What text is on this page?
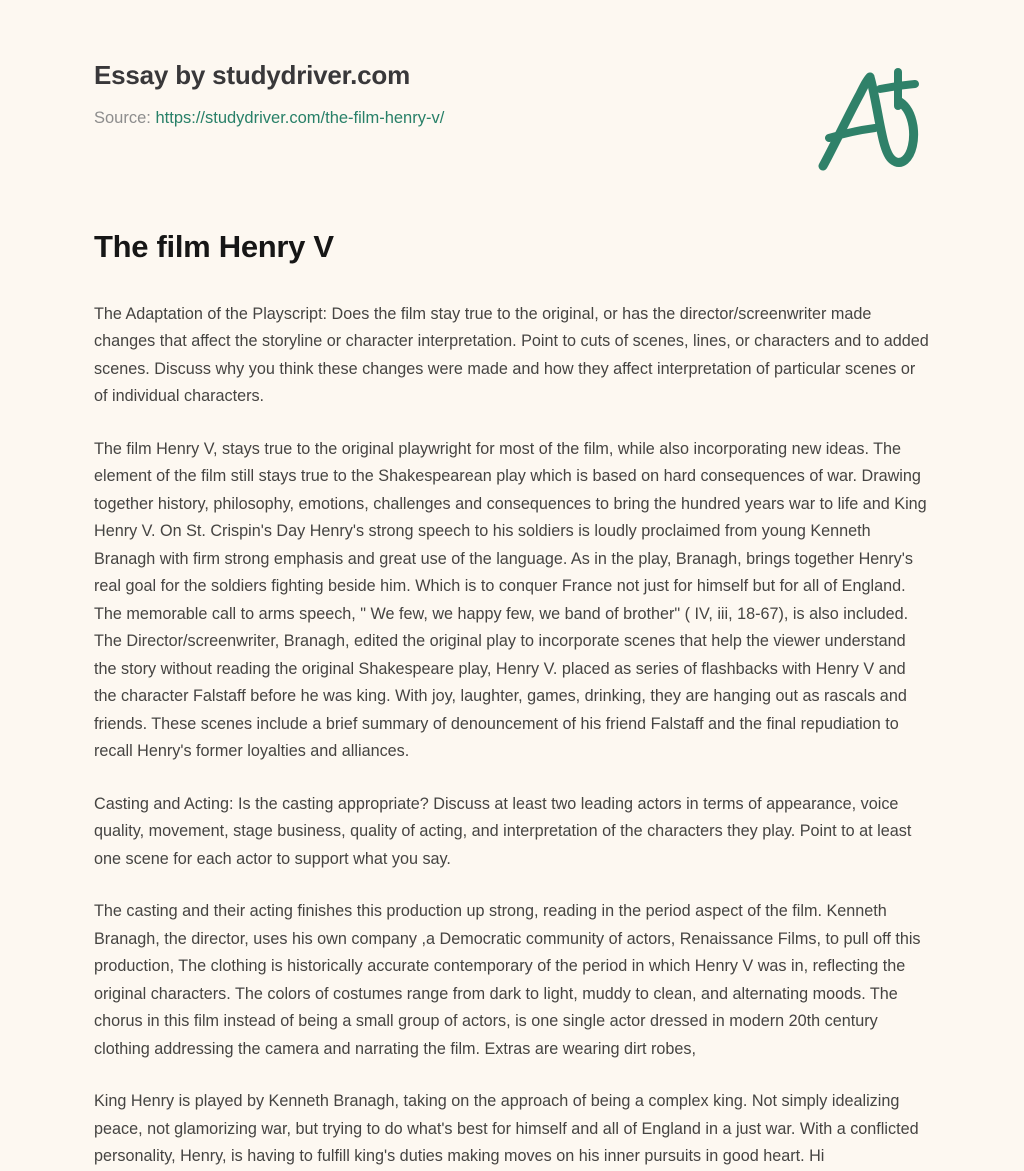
Essay by studydriver.com

Source: https://studydriver.com/the-film-henry-v/

The film Henry V

The Adaptation of the Playscript: Does the film stay true to the original, or has the director/screenwriter made changes that affect the storyline or character interpretation. Point to cuts of scenes, lines, or characters and to added scenes. Discuss why you think these changes were made and how they affect interpretation of particular scenes or of individual characters.

The film Henry V, stays true to the original playwright for most of the film, while also incorporating new ideas. The element of the film still stays true to the Shakespearean play which is based on hard consequences of war. Drawing together history, philosophy, emotions, challenges and consequences to bring the hundred years war to life and King Henry V. On St. Crispin's Day Henry's strong speech to his soldiers is loudly proclaimed from young Kenneth Branagh with firm strong emphasis and great use of the language. As in the play, Branagh, brings together Henry's real goal for the soldiers fighting beside him. Which is to conquer France not just for himself but for all of England. The memorable call to arms speech, " We few, we happy few, we band of brother" ( IV, iii, 18-67), is also included. The Director/screenwriter, Branagh, edited the original play to incorporate scenes that help the viewer understand the story without reading the original Shakespeare play, Henry V. placed as series of flashbacks with Henry V and the character Falstaff before he was king. With joy, laughter, games, drinking, they are hanging out as rascals and friends. These scenes include a brief summary of denouncement of his friend Falstaff and the final repudiation to recall Henry's former loyalties and alliances.

Casting and Acting: Is the casting appropriate? Discuss at least two leading actors in terms of appearance, voice quality, movement, stage business, quality of acting, and interpretation of the characters they play. Point to at least one scene for each actor to support what you say.

The casting and their acting finishes this production up strong, reading in the period aspect of the film. Kenneth Branagh, the director, uses his own company ,a Democratic community of actors, Renaissance Films, to pull off this production, The clothing is historically accurate contemporary of the period in which Henry V was in, reflecting the original characters. The colors of costumes range from dark to light, muddy to clean, and alternating moods. The chorus in this film instead of being a small group of actors, is one single actor dressed in modern 20th century clothing addressing the camera and narrating the film. Extras are wearing dirt robes,

King Henry is played by Kenneth Branagh, taking on the approach of being a complex king. Not simply idealizing peace, not glamorizing war, but trying to do what's best for himself and all of England in a just war. With a conflicted personality, Henry, is having to fulfill king's duties making moves on his inner pursuits in good heart. Hi
